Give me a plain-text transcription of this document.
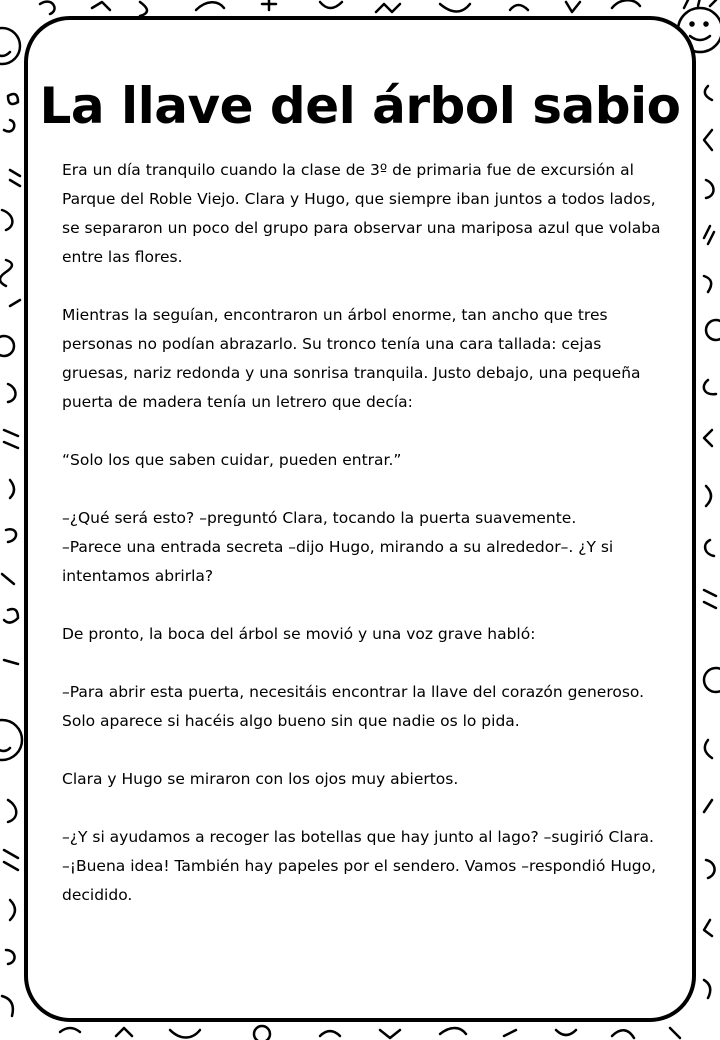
La llave del árbol sabio

Era un día tranquilo cuando la clase de 3º de primaria fue de excursión al Parque del Roble Viejo. Clara y Hugo, que siempre iban juntos a todos lados, se separaron un poco del grupo para observar una mariposa azul que volaba entre las flores.

Mientras la seguían, encontraron un árbol enorme, tan ancho que tres personas no podían abrazarlo. Su tronco tenía una cara tallada: cejas gruesas, nariz redonda y una sonrisa tranquila. Justo debajo, una pequeña puerta de madera tenía un letrero que decía:

“Solo los que saben cuidar, pueden entrar.”

–¿Qué será esto? –preguntó Clara, tocando la puerta suavemente.

–Parece una entrada secreta –dijo Hugo, mirando a su alrededor–. ¿Y si intentamos abrirla?

De pronto, la boca del árbol se movió y una voz grave habló:

–Para abrir esta puerta, necesitáis encontrar la llave del corazón generoso. Solo aparece si hacéis algo bueno sin que nadie os lo pida.

Clara y Hugo se miraron con los ojos muy abiertos.

–¿Y si ayudamos a recoger las botellas que hay junto al lago? –sugirió Clara.

–¡Buena idea! También hay papeles por el sendero. Vamos –respondió Hugo, decidido.
